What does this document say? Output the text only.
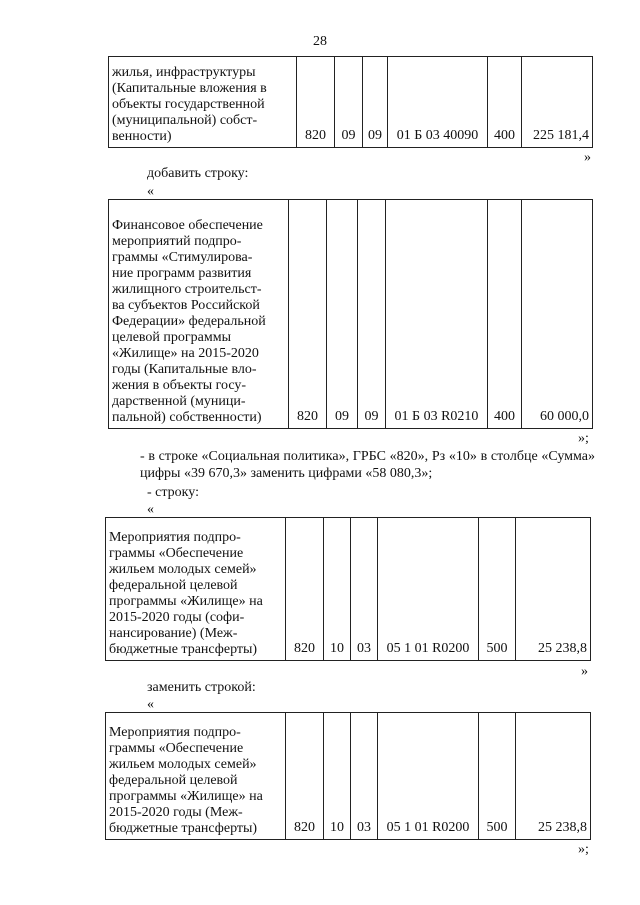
28
жилья, инфраструктуры
(Капитальные вложения в
объекты государственной
(муниципальной) собст-
венности)	820	09	09	01 Б 03 40090	400	225 181,4
»
добавить строку:
«
Финансовое обеспечение
мероприятий подпро-
граммы «Стимулирова-
ние программ развития
жилищного строительст-
ва субъектов Российской
Федерации» федеральной
целевой программы
«Жилище» на 2015-2020
годы (Капитальные вло-
жения в объекты госу-
дарственной (муници-
пальной) собственности)	820	09	09	01 Б 03 R0210	400	60 000,0
»;
- в строке «Социальная политика», ГРБС «820», Рз «10» в столбце «Сумма» цифры «39 670,3» заменить цифрами «58 080,3»;
- строку:
«
Мероприятия подпро-
граммы «Обеспечение
жильем молодых семей»
федеральной целевой
программы «Жилище» на
2015-2020 годы (софи-
нансирование) (Меж-
бюджетные трансферты)	820	10	03	05 1 01 R0200	500	25 238,8
»
заменить строкой:
«
Мероприятия подпро-
граммы «Обеспечение
жильем молодых семей»
федеральной целевой
программы «Жилище» на
2015-2020 годы (Меж-
бюджетные трансферты)	820	10	03	05 1 01 R0200	500	25 238,8
»;
